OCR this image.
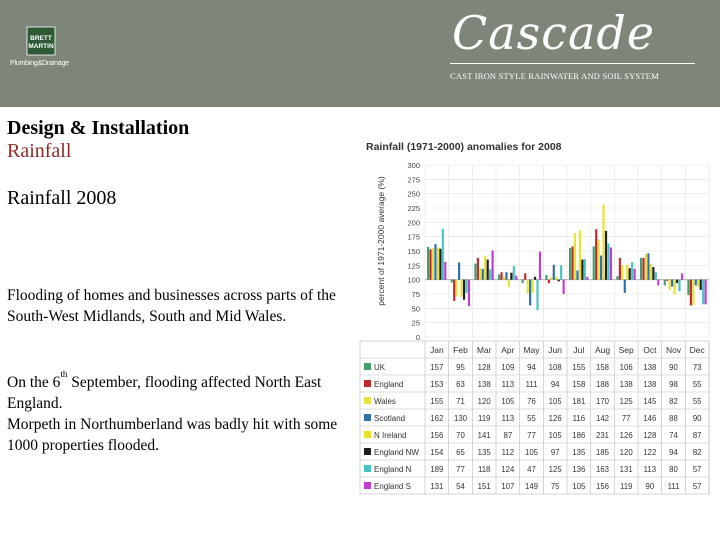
BRETT
MARTIN
Plumbing&Drainage
Cascade
CAST IRON STYLE RAINWATER AND SOIL SYSTEM
Design & Installation
Rainfall
Rainfall 2008
Flooding of homes and businesses across parts of the South-West Midlands, South and Mid Wales.
On the 6th September, flooding affected North East England.
Morpeth in Northumberland was badly hit with some 1000 properties flooded.
Rainfall (1971-2000) anomalies for 2008
percent of 1971-2000 average (%)
0
25
50
75
100
125
150
175
200
225
250
275
300
Jan Feb Mar Apr May Jun Jul Aug Sep Oct Nov Dec
UK	157 95 128 109 94 108 155 158 106 138 90 73
England	153 63 138 113 111 94 158 188 138 138 98 55
Wales	155 71 120 105 76 105 181 170 125 145 82 55
Scotland	162 130 119 113 55 126 116 142 77 146 88 90
N Ireland	156 70 141 87 77 105 186 231 126 128 74 87
England NW 154 65 135 112 105 97 135 185 120 122 94 82
England N 189 77 118 124 47 125 136 163 131 113 80 57
England S 131 54 151 107 149 75 105 156 119 90 111 57
